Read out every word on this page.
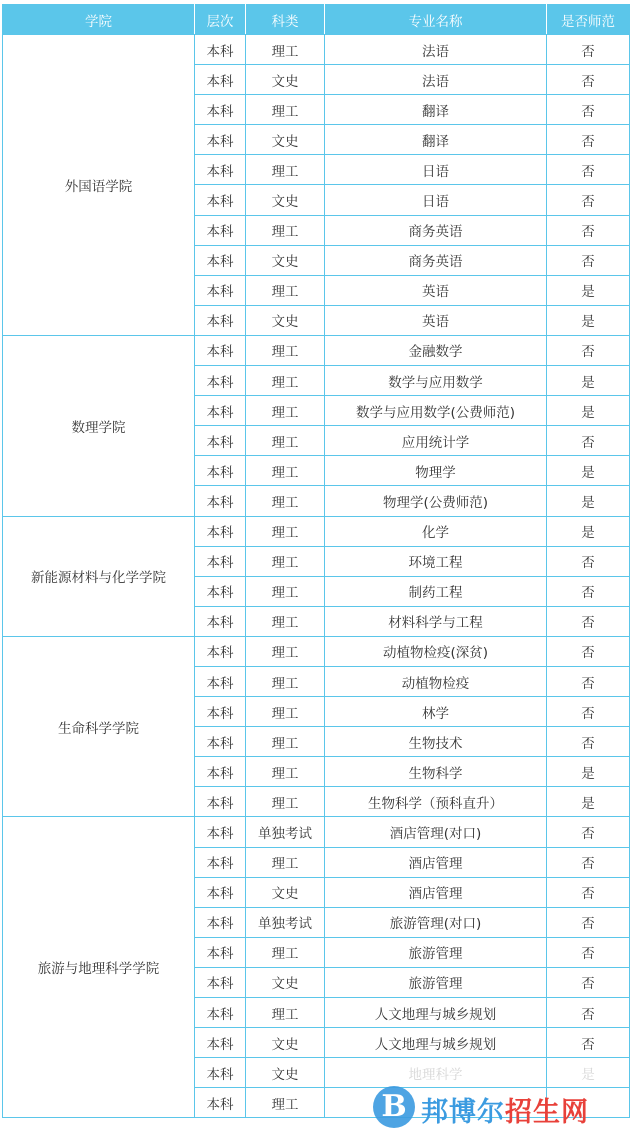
学院	层次	科类	专业名称	是否师范
外国语学院	本科	理工	法语	否
	本科	文史	法语	否
	本科	理工	翻译	否
	本科	文史	翻译	否
	本科	理工	日语	否
	本科	文史	日语	否
	本科	理工	商务英语	否
	本科	文史	商务英语	否
	本科	理工	英语	是
	本科	文史	英语	是
数理学院	本科	理工	金融数学	否
	本科	理工	数学与应用数学	是
	本科	理工	数学与应用数学(公费师范)	是
	本科	理工	应用统计学	否
	本科	理工	物理学	是
	本科	理工	物理学(公费师范)	是
新能源材料与化学学院	本科	理工	化学	是
	本科	理工	环境工程	否
	本科	理工	制药工程	否
	本科	理工	材料科学与工程	否
生命科学学院	本科	理工	动植物检疫(深贫)	否
	本科	理工	动植物检疫	否
	本科	理工	林学	否
	本科	理工	生物技术	否
	本科	理工	生物科学	是
	本科	理工	生物科学（预科直升）	是
旅游与地理科学学院	本科	单独考试	酒店管理(对口)	否
	本科	理工	酒店管理	否
	本科	文史	酒店管理	否
	本科	单独考试	旅游管理(对口)	否
	本科	理工	旅游管理	否
	本科	文史	旅游管理	否
	本科	理工	人文地理与城乡规划	否
	本科	文史	人文地理与城乡规划	否
	本科	文史	地理科学	是
	本科	理工			B 邦博尔招生网
